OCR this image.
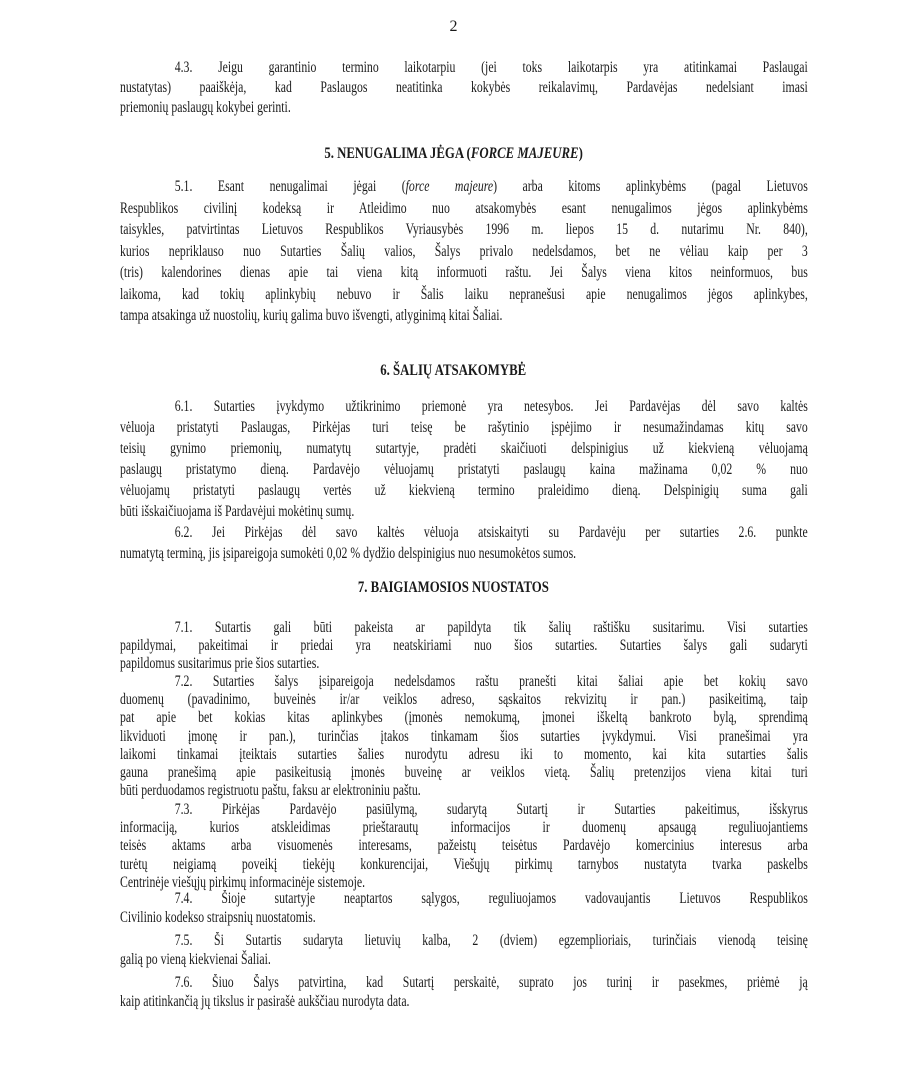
2
5. NENUGALIMA JĖGA (FORCE MAJEURE)
6. ŠALIŲ ATSAKOMYBĖ
7. BAIGIAMOSIOS NUOSTATOS
4.3. Jeigu garantinio termino laikotarpiu (jei toks laikotarpis yra atitinkamai Paslaugai
nustatytas) paaiškėja, kad Paslaugos neatitinka kokybės reikalavimų, Pardavėjas nedelsiant imasi
priemonių paslaugų kokybei gerinti.
5.1. Esant nenugalimai jėgai (force majeure) arba kitoms aplinkybėms (pagal Lietuvos
Respublikos civilinį kodeksą ir Atleidimo nuo atsakomybės esant nenugalimos jėgos aplinkybėms
taisykles, patvirtintas Lietuvos Respublikos Vyriausybės 1996 m. liepos 15 d. nutarimu Nr. 840),
kurios nepriklauso nuo Sutarties Šalių valios, Šalys privalo nedelsdamos, bet ne vėliau kaip per 3
(tris) kalendorines dienas apie tai viena kitą informuoti raštu. Jei Šalys viena kitos neinformuos, bus
laikoma, kad tokių aplinkybių nebuvo ir Šalis laiku nepranešusi apie nenugalimos jėgos aplinkybes,
tampa atsakinga už nuostolių, kurių galima buvo išvengti, atlyginimą kitai Šaliai.
6.1. Sutarties įvykdymo užtikrinimo priemonė yra netesybos. Jei Pardavėjas dėl savo kaltės
vėluoja pristatyti Paslaugas, Pirkėjas turi teisę be rašytinio įspėjimo ir nesumažindamas kitų savo
teisių gynimo priemonių, numatytų sutartyje, pradėti skaičiuoti delspinigius už kiekvieną vėluojamą
paslaugų pristatymo dieną. Pardavėjo vėluojamų pristatyti paslaugų kaina mažinama 0,02 % nuo
vėluojamų pristatyti paslaugų vertės už kiekvieną termino praleidimo dieną. Delspinigių suma gali
būti išskaičiuojama iš Pardavėjui mokėtinų sumų.
6.2. Jei Pirkėjas dėl savo kaltės vėluoja atsiskaityti su Pardavėju per sutarties 2.6. punkte
numatytą terminą, jis įsipareigoja sumokėti 0,02 % dydžio delspinigius nuo nesumokėtos sumos.
7.1. Sutartis gali būti pakeista ar papildyta tik šalių raštišku susitarimu. Visi sutarties
papildymai, pakeitimai ir priedai yra neatskiriami nuo šios sutarties. Sutarties šalys gali sudaryti
papildomus susitarimus prie šios sutarties.
7.2. Sutarties šalys įsipareigoja nedelsdamos raštu pranešti kitai šaliai apie bet kokių savo
duomenų (pavadinimo, buveinės ir/ar veiklos adreso, sąskaitos rekvizitų ir pan.) pasikeitimą, taip
pat apie bet kokias kitas aplinkybes (įmonės nemokumą, įmonei iškeltą bankroto bylą, sprendimą
likviduoti įmonę ir pan.), turinčias įtakos tinkamam šios sutarties įvykdymui. Visi pranešimai yra
laikomi tinkamai įteiktais sutarties šalies nurodytu adresu iki to momento, kai kita sutarties šalis
gauna pranešimą apie pasikeitusią įmonės buveinę ar veiklos vietą. Šalių pretenzijos viena kitai turi
būti perduodamos registruotu paštu, faksu ar elektroniniu paštu.
7.3. Pirkėjas Pardavėjo pasiūlymą, sudarytą Sutartį ir Sutarties pakeitimus, išskyrus
informaciją, kurios atskleidimas prieštarautų informacijos ir duomenų apsaugą reguliuojantiems
teisės aktams arba visuomenės interesams, pažeistų teisėtus Pardavėjo komercinius interesus arba
turėtų neigiamą poveikį tiekėjų konkurencijai, Viešųjų pirkimų tarnybos nustatyta tvarka paskelbs
Centrinėje viešųjų pirkimų informacinėje sistemoje.
7.4. Šioje sutartyje neaptartos sąlygos, reguliuojamos vadovaujantis Lietuvos Respublikos
Civilinio kodekso straipsnių nuostatomis.
7.5. Ši Sutartis sudaryta lietuvių kalba, 2 (dviem) egzemplioriais, turinčiais vienodą teisinę
galią po vieną kiekvienai Šaliai.
7.6. Šiuo Šalys patvirtina, kad Sutartį perskaitė, suprato jos turinį ir pasekmes, priėmė ją
kaip atitinkančią jų tikslus ir pasirašė aukščiau nurodyta data.
